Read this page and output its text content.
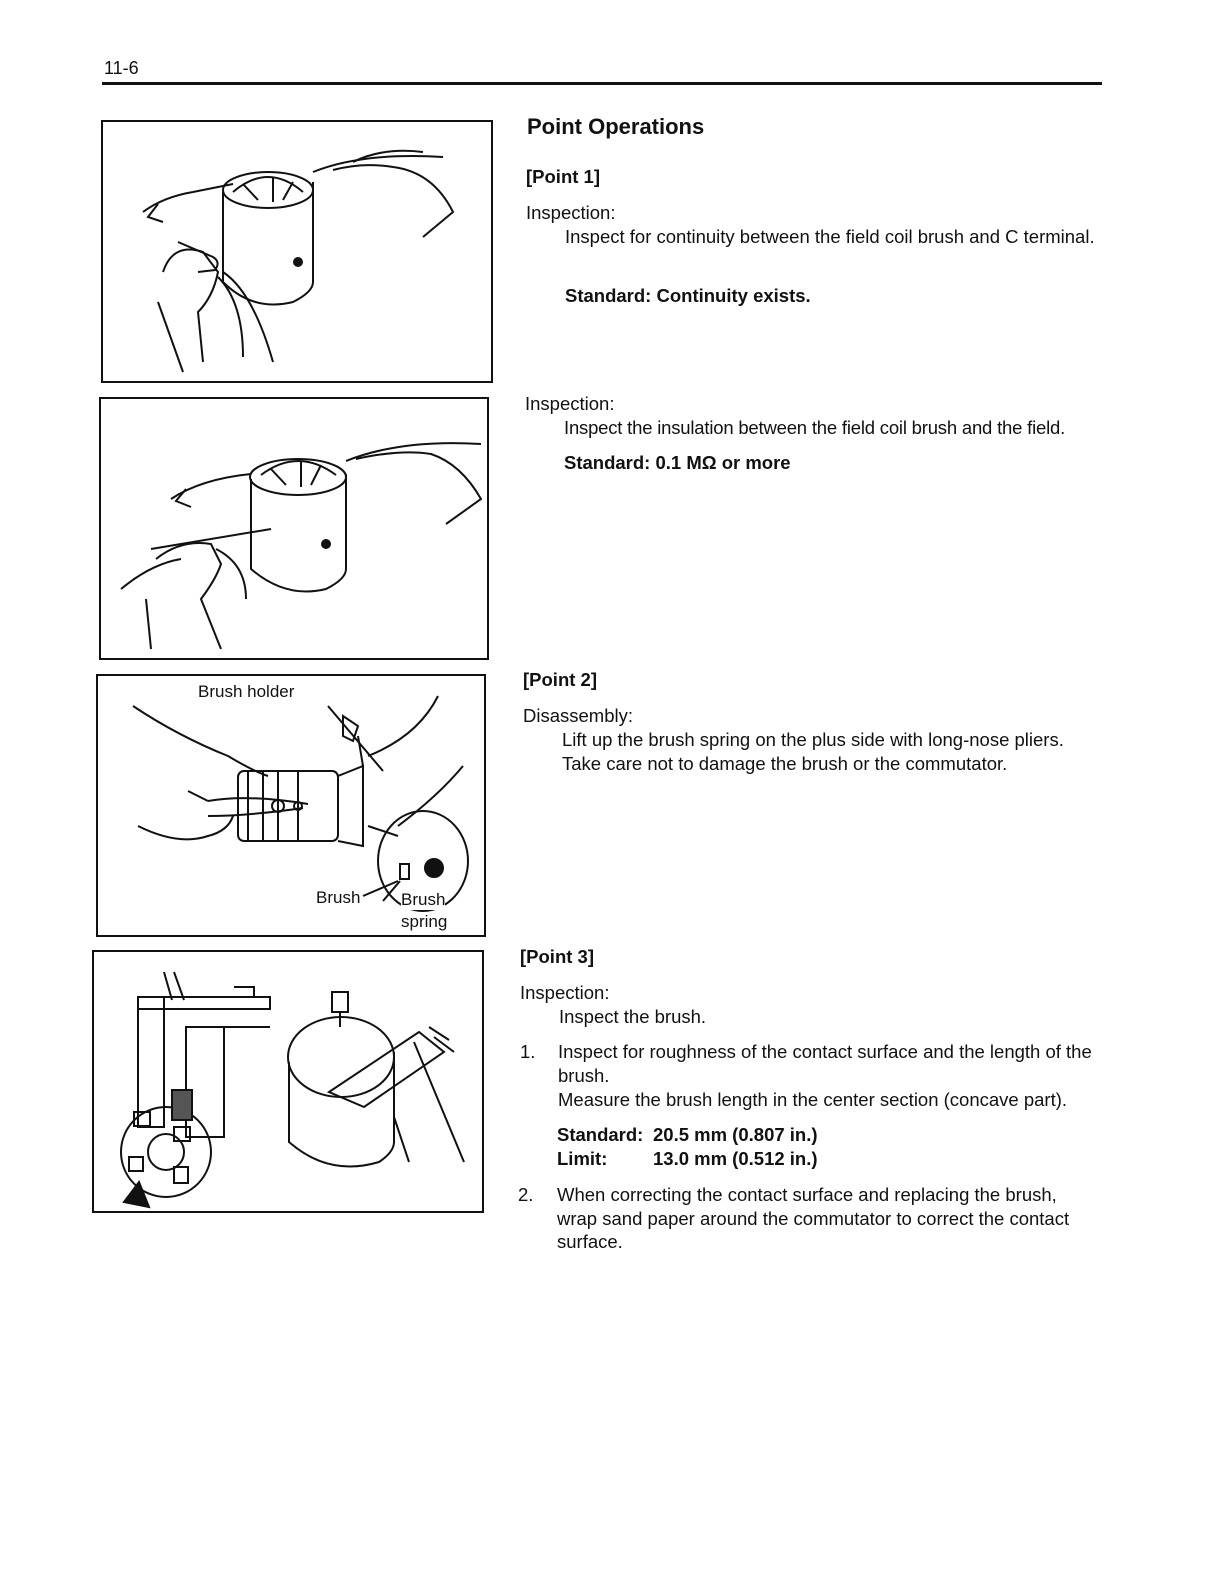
11-6
Brush holder
Brush Brush
spring
Point Operations
[Point 1]
Inspection:
Inspect for continuity between the field coil brush and C terminal.
Standard: Continuity exists.
Inspection:
Inspect the insulation between the field coil brush and the field.
Standard: 0.1 MΩ or more
[Point 2]
Disassembly:
Lift up the brush spring on the plus side with long-nose pliers.
Take care not to damage the brush or the commutator.
[Point 3]
Inspection:
Inspect the brush.
1. Inspect for roughness of the contact surface and the length of the brush.
Measure the brush length in the center section (concave part).
Standard: 20.5 mm (0.807 in.)
Limit:	13.0 mm (0.512 in.)
2. When correcting the contact surface and replacing the brush, wrap sand paper around the commutator to correct the contact surface.
